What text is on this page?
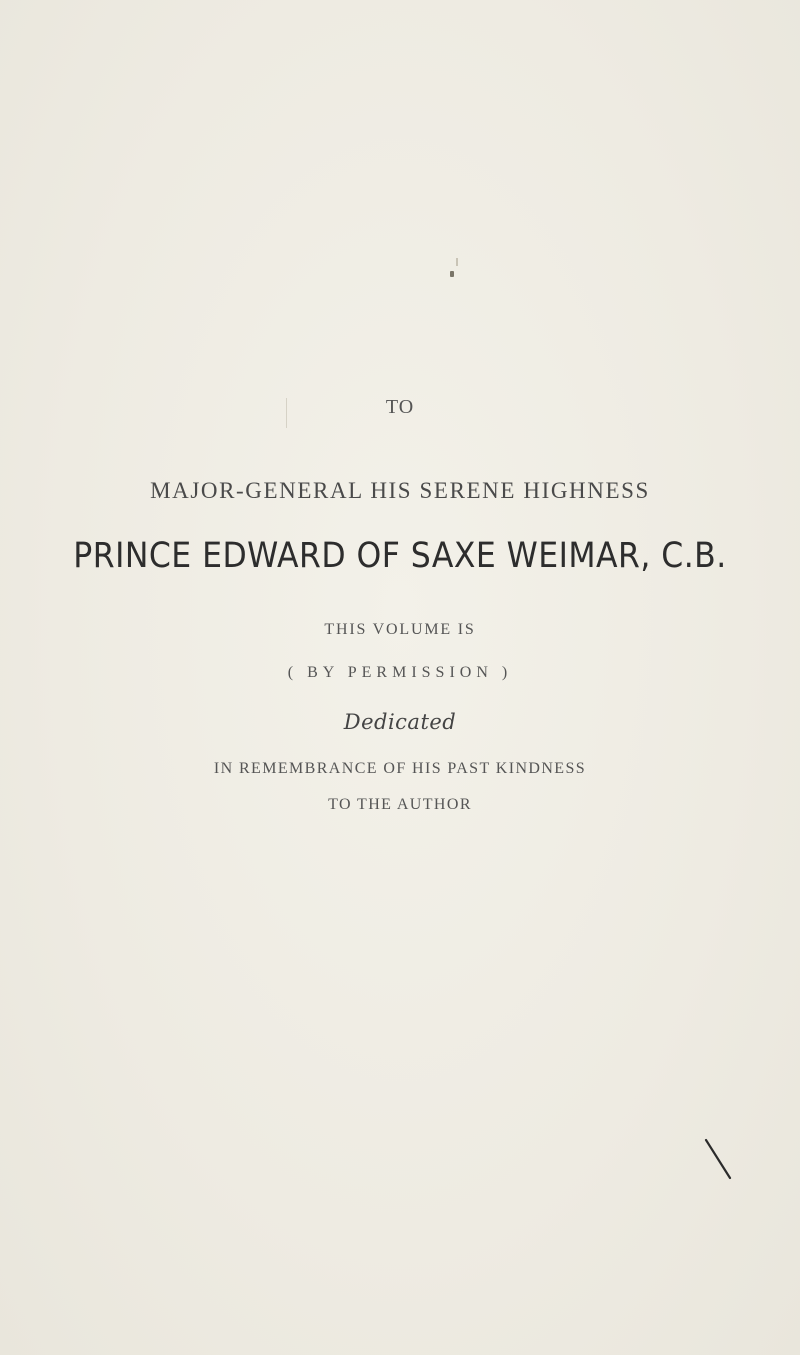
TO
MAJOR-GENERAL HIS SERENE HIGHNESS
PRINCE EDWARD OF SAXE WEIMAR, C.B.
THIS VOLUME IS
( BY PERMISSION )
Dedicated
IN REMEMBRANCE OF HIS PAST KINDNESS
TO THE AUTHOR
